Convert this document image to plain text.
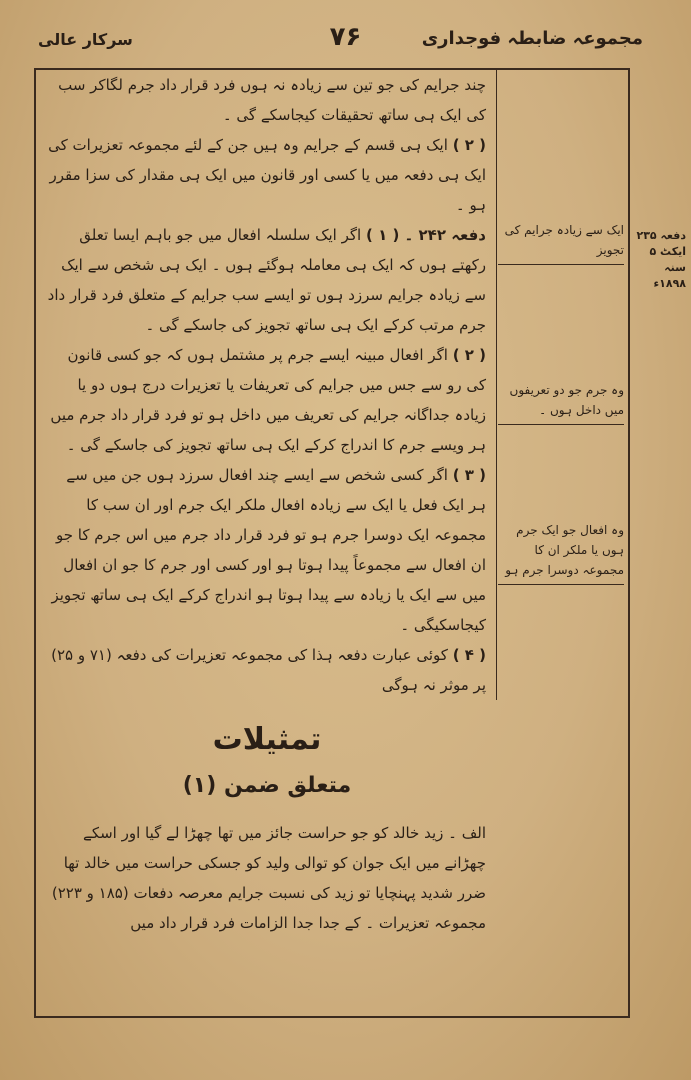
مجموعہ ضابطہ فوجداری
۷۶
سرکار عالی
دفعہ ۲۳۵ ایکٹ ۵ سنہ ۱۸۹۸ء
ایک سے زیادہ جرایم کی تجویز
وہ جرم جو دو تعریفوں میں داخل ہوں ۔
وہ افعال جو ایک جرم ہوں یا ملکر ان کا مجموعہ دوسرا جرم ہو

چند جرایم کی جو تین سے زیادہ نہ ہوں فرد قرار داد جرم لگاکر سب کی ایک ہی ساتھ تحقیقات کیجاسکے گی ۔

( ۲ ) ایک ہی قسم کے جرایم وہ ہیں جن کے لئے مجموعہ تعزیرات کی ایک ہی دفعہ میں یا کسی اور قانون میں ایک ہی مقدار کی سزا مقرر ہو ۔

دفعہ ۲۴۲ ۔ ( ۱ ) اگر ایک سلسلہ افعال میں جو باہم ایسا تعلق رکھتے ہوں کہ ایک ہی معاملہ ہوگئے ہوں ۔ ایک ہی شخص سے ایک سے زیادہ جرایم سرزد ہوں تو ایسے سب جرایم کے متعلق فرد قرار داد جرم مرتب کرکے ایک ہی ساتھ تجویز کی جاسکے گی ۔

( ۲ ) اگر افعال مبینہ ایسے جرم پر مشتمل ہوں کہ جو کسی قانون کی رو سے جس میں جرایم کی تعریفات یا تعزیرات درج ہوں دو یا زیادہ جداگانہ جرایم کی تعریف میں داخل ہو تو فرد قرار داد جرم میں ہر ویسے جرم کا اندراج کرکے ایک ہی ساتھ تجویز کی جاسکے گی ۔

( ۳ ) اگر کسی شخص سے ایسے چند افعال سرزد ہوں جن میں سے ہر ایک فعل یا ایک سے زیادہ افعال ملکر ایک جرم اور ان سب کا مجموعہ ایک دوسرا جرم ہو تو فرد قرار داد جرم میں اس جرم کا جو ان افعال سے مجموعاً پیدا ہوتا ہو اور کسی اور جرم کا جو ان افعال میں سے ایک یا زیادہ سے پیدا ہوتا ہو اندراج کرکے ایک ہی ساتھ تجویز کیجاسکیگی ۔

( ۴ ) کوئی عبارت دفعہ ہذا کی مجموعہ تعزیرات کی دفعہ (۷۱ و ۲۵) پر موثر نہ ہوگی

تمثیلات
متعلق ضمن (۱)

الف ۔ زید خالد کو جو حراست جائز میں تھا چھڑا لے گیا اور اسکے چھڑانے میں ایک جوان کو توالی ولید کو جسکی حراست میں خالد تھا ضرر شدید پہنچایا تو زید کی نسبت جرایم معرصہ دفعات (۱۸۵ و ۲۲۳) مجموعہ تعزیرات ۔ کے جدا جدا الزامات فرد قرار داد میں
